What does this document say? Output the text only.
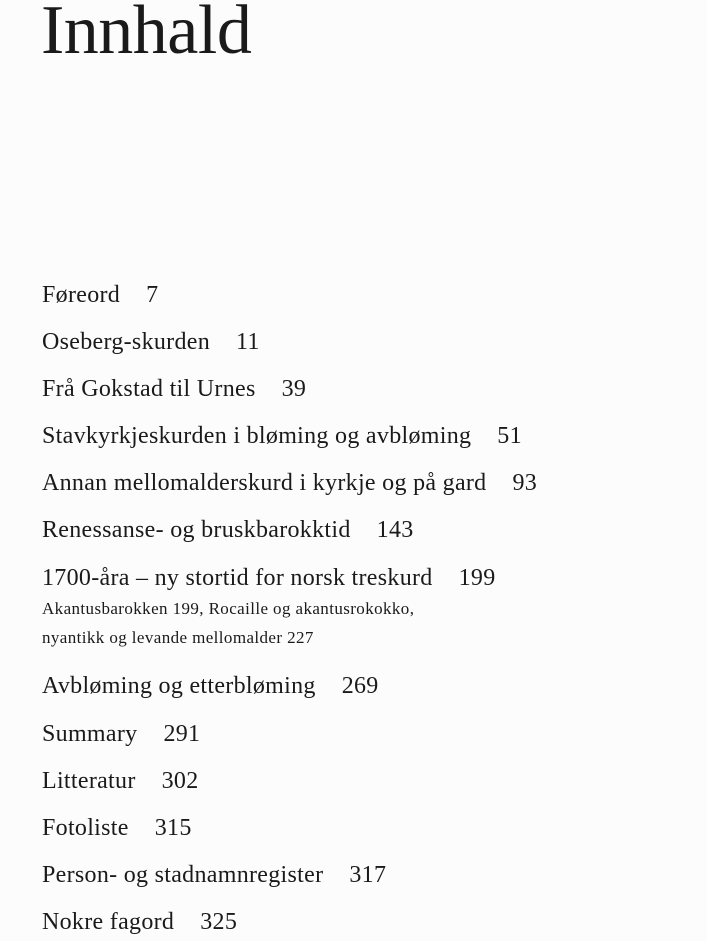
Innhald
Føreord 7
Oseberg-skurden 11
Frå Gokstad til Urnes 39
Stavkyrkjeskurden i bløming og avbløming 51
Annan mellomalderskurd i kyrkje og på gard 93
Renessanse- og bruskbarokktid 143
1700-åra – ny stortid for norsk treskurd 199
Akantusbarokken 199, Rocaille og akantusrokokko,
nyantikk og levande mellomalder 227
Avbløming og etterbløming 269
Summary 291
Litteratur 302
Fotoliste 315
Person- og stadnamnregister 317
Nokre fagord 325
